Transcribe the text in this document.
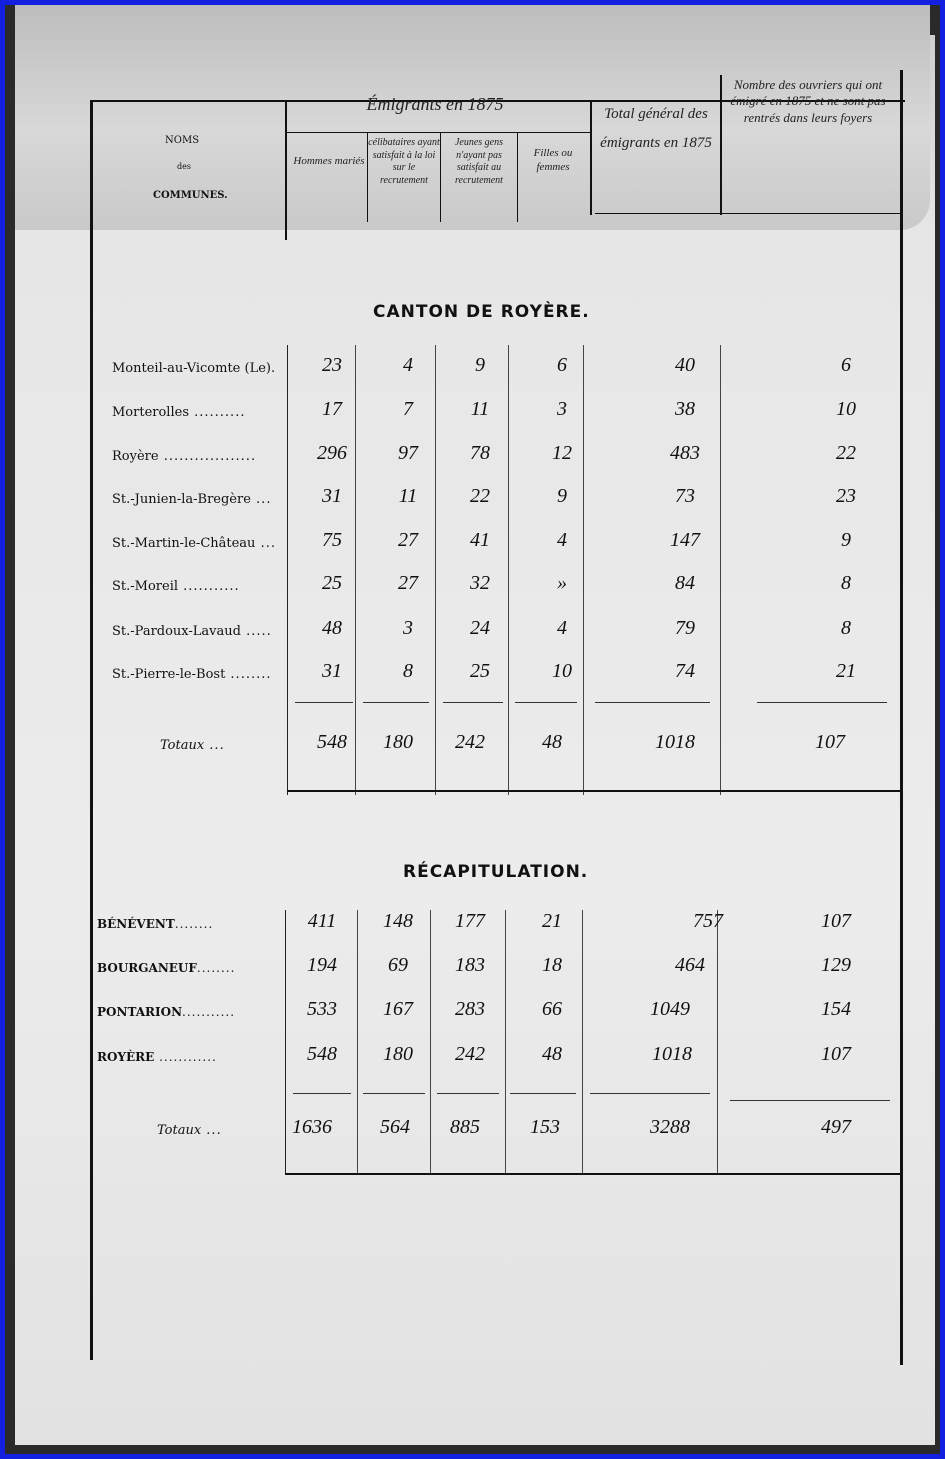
NOMS
des
COMMUNES.
Émigrants en 1875
Hommes mariés
célibataires ayant satisfait à la loi sur le recrutement
Jeunes gens n'ayant pas satisfait au recrutement
Filles ou femmes
Total général des émigrants en 1875
Nombre des ouvriers qui ont émigré en 1875 et ne sont pas rentrés dans leurs foyers
CANTON DE ROYÈRE.
Monteil-au-Vicomte (Le).	23	4	9	6	40	6
Morterolles ..........	17	7	11	3	38	10
Royère ..................	296	97	78	12	483	22
St.-Junien-la-Bregère ...	31	11	22	9	73	23
St.-Martin-le-Château ...	75	27	41	4	147	9
St.-Moreil ...........	25	27	32	»	84	8
St.-Pardoux-Lavaud .....	48	3	24	4	79	8
St.-Pierre-le-Bost ........	31	8	25	10	74	21
Totaux ...	548	180	242	48	1018	107
RÉCAPITULATION.
BÉNÉVENT........	411	148	177	21	757	107
BOURGANEUF........	194	69	183	18	464	129
PONTARION...........	533	167	283	66	1049	154
ROYÈRE ............	548	180	242	48	1018	107
Totaux ...	1636	564	885	153	3288	497
